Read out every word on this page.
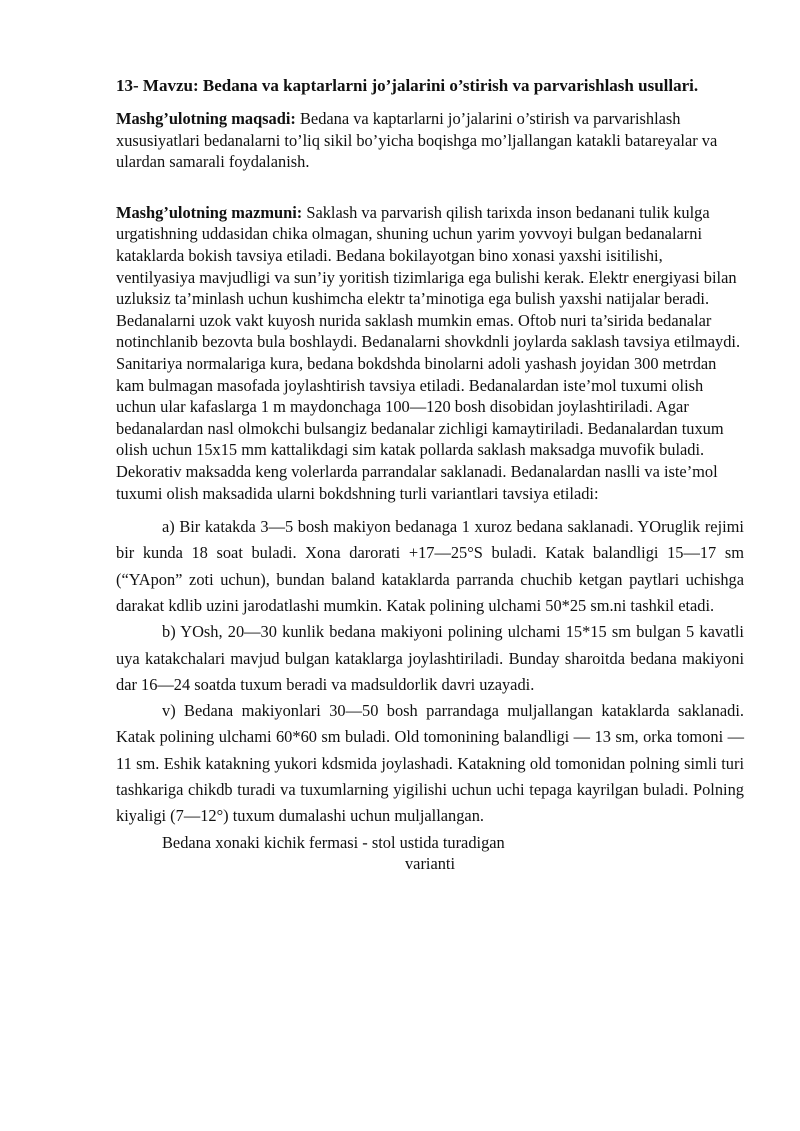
13- Mavzu: Bedana va kaptarlarni jo’jalarini o’stirish va parvarishlash usullari.

Mashg’ulotning maqsadi: Bedana va kaptarlarni jo’jalarini o’stirish va parvarishlash xususiyatlari bedanalarni to’liq sikil bo’yicha boqishga mo’ljallangan katakli batareyalar va ulardan samarali foydalanish.

Mashg’ulotning mazmuni: Saklash va parvarish qilish tarixda inson bedanani tulik kulga urgatishning uddasidan chika olmagan, shuning uchun yarim yovvoyi bulgan bedanalarni kataklarda bokish tavsiya etiladi. Bedana bokilayotgan bino xonasi yaxshi isitilishi, ventilyasiya mavjudligi va sun’iy yoritish tizimlariga ega bulishi kerak. Elektr energiyasi bilan uzluksiz ta’minlash uchun kushimcha elektr ta’minotiga ega bulish yaxshi natijalar beradi. Bedanalarni uzok vakt kuyosh nurida saklash mumkin emas. Oftob nuri ta’sirida bedanalar notinchlanib bezovta bula boshlaydi. Bedanalarni shovkdnli joylarda saklash tavsiya etilmaydi. Sanitariya normalariga kura, bedana bokdshda binolarni adoli yashash joyidan 300 metrdan kam bulmagan masofada joylashtirish tavsiya etiladi. Bedanalardan iste’mol tuxumi olish uchun ular kafaslarga 1 m maydonchaga 100—120 bosh disobidan joylashtiriladi. Agar bedanalardan nasl olmokchi bulsangiz bedanalar zichligi kamaytiriladi. Bedanalardan tuxum olish uchun 15x15 mm kattalikdagi sim katak pollarda saklash maksadga muvofik buladi. Dekorativ maksadda keng volerlarda parrandalar saklanadi. Bedanalardan naslli va iste’mol tuxumi olish maksadida ularni bokdshning turli variantlari tavsiya etiladi:

a) Bir katakda 3—5 bosh makiyon bedanaga 1 xuroz bedana saklanadi. YOruglik rejimi bir kunda 18 soat buladi. Xona darorati +17—25°S buladi. Katak balandligi 15—17 sm (“YApon” zoti uchun), bundan baland kataklarda parranda chuchib ketgan paytlari uchishga darakat kdlib uzini jarodatlashi mumkin. Katak polining ulchami 50*25 sm.ni tashkil etadi.

b) YOsh, 20—30 kunlik bedana makiyoni polining ulchami 15*15 sm bulgan 5 kavatli uya katakchalari mavjud bulgan kataklarga joylashtiriladi. Bunday sharoitda bedana makiyoni dar 16—24 soatda tuxum beradi va madsuldorlik davri uzayadi.

v) Bedana makiyonlari 30—50 bosh parrandaga muljallangan kataklarda saklanadi. Katak polining ulchami 60*60 sm buladi. Old tomonining balandligi — 13 sm, orka tomoni —11 sm. Eshik katakning yukori kdsmida joylashadi. Katakning old tomonidan polning simli turi tashkariga chikdb turadi va tuxumlarning yigilishi uchun uchi tepaga kayrilgan buladi. Polning kiyaligi (7—12°) tuxum dumalashi uchun muljallangan.

Bedana xonaki kichik fermasi - stol ustida turadigan

varianti
